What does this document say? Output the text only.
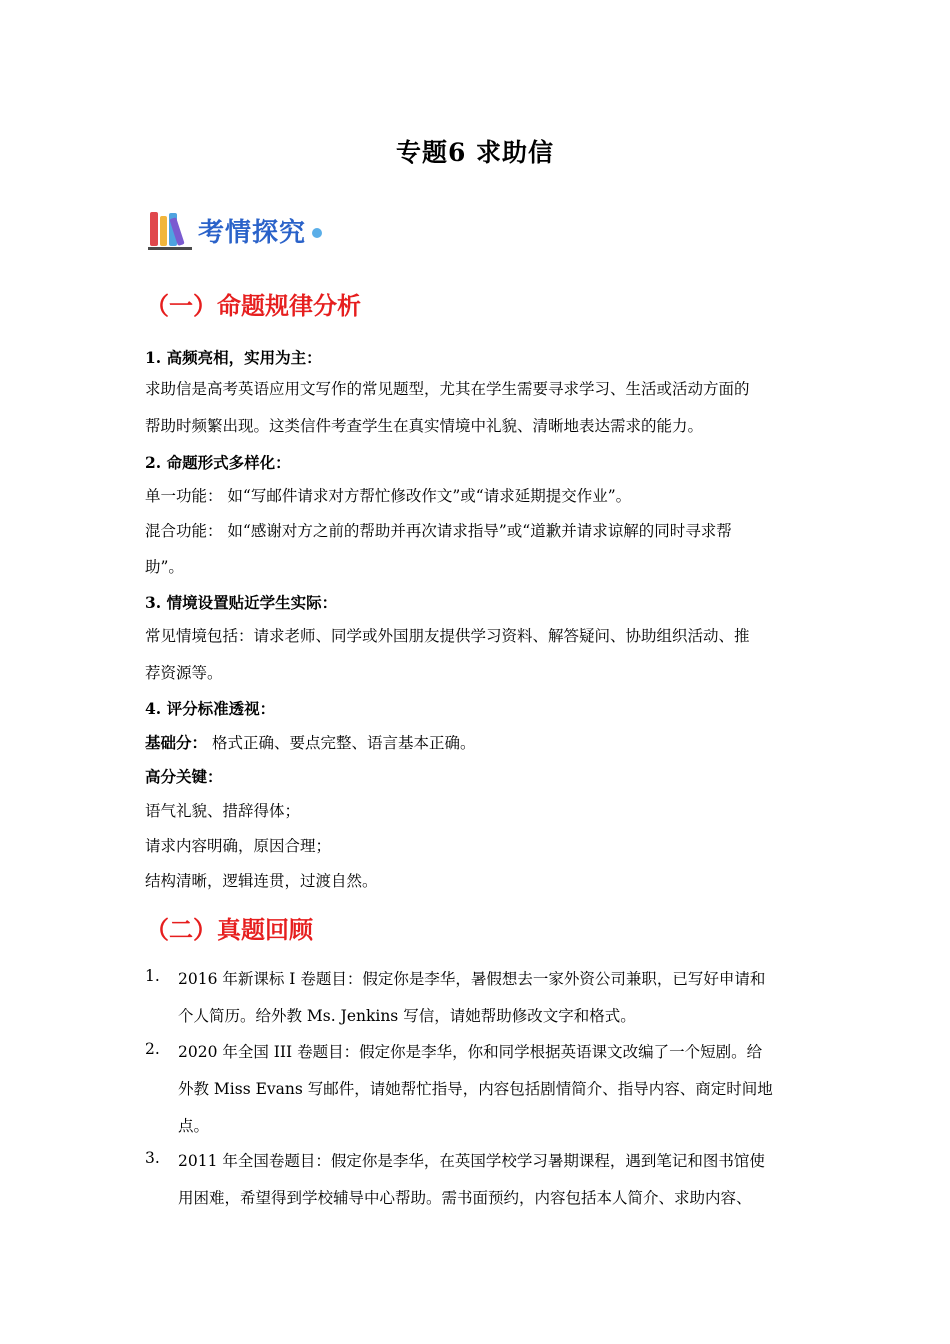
专题6 求助信
考情探究
（一）命题规律分析
1. 高频亮相，实用为主：
求助信是高考英语应用文写作的常见题型，尤其在学生需要寻求学习、生活或活动方面的
帮助时频繁出现。这类信件考查学生在真实情境中礼貌、清晰地表达需求的能力。
2. 命题形式多样化：
单一功能： 如“写邮件请求对方帮忙修改作文”或“请求延期提交作业”。
混合功能： 如“感谢对方之前的帮助并再次请求指导”或“道歉并请求谅解的同时寻求帮
助”。
3. 情境设置贴近学生实际：
常见情境包括：请求老师、同学或外国朋友提供学习资料、解答疑问、协助组织活动、推
荐资源等。
4. 评分标准透视：
基础分： 格式正确、要点完整、语言基本正确。
高分关键：
语气礼貌、措辞得体；
请求内容明确，原因合理；
结构清晰，逻辑连贯，过渡自然。
（二）真题回顾
1. 2016 年新课标 I 卷题目：假定你是李华，暑假想去一家外资公司兼职，已写好申请和
个人简历。给外教 Ms. Jenkins 写信，请她帮助修改文字和格式。
2. 2020 年全国 III 卷题目：假定你是李华，你和同学根据英语课文改编了一个短剧。给
外教 Miss Evans 写邮件，请她帮忙指导，内容包括剧情简介、指导内容、商定时间地
点。
3. 2011 年全国卷题目：假定你是李华，在英国学校学习暑期课程，遇到笔记和图书馆使
用困难，希望得到学校辅导中心帮助。需书面预约，内容包括本人简介、求助内容、
